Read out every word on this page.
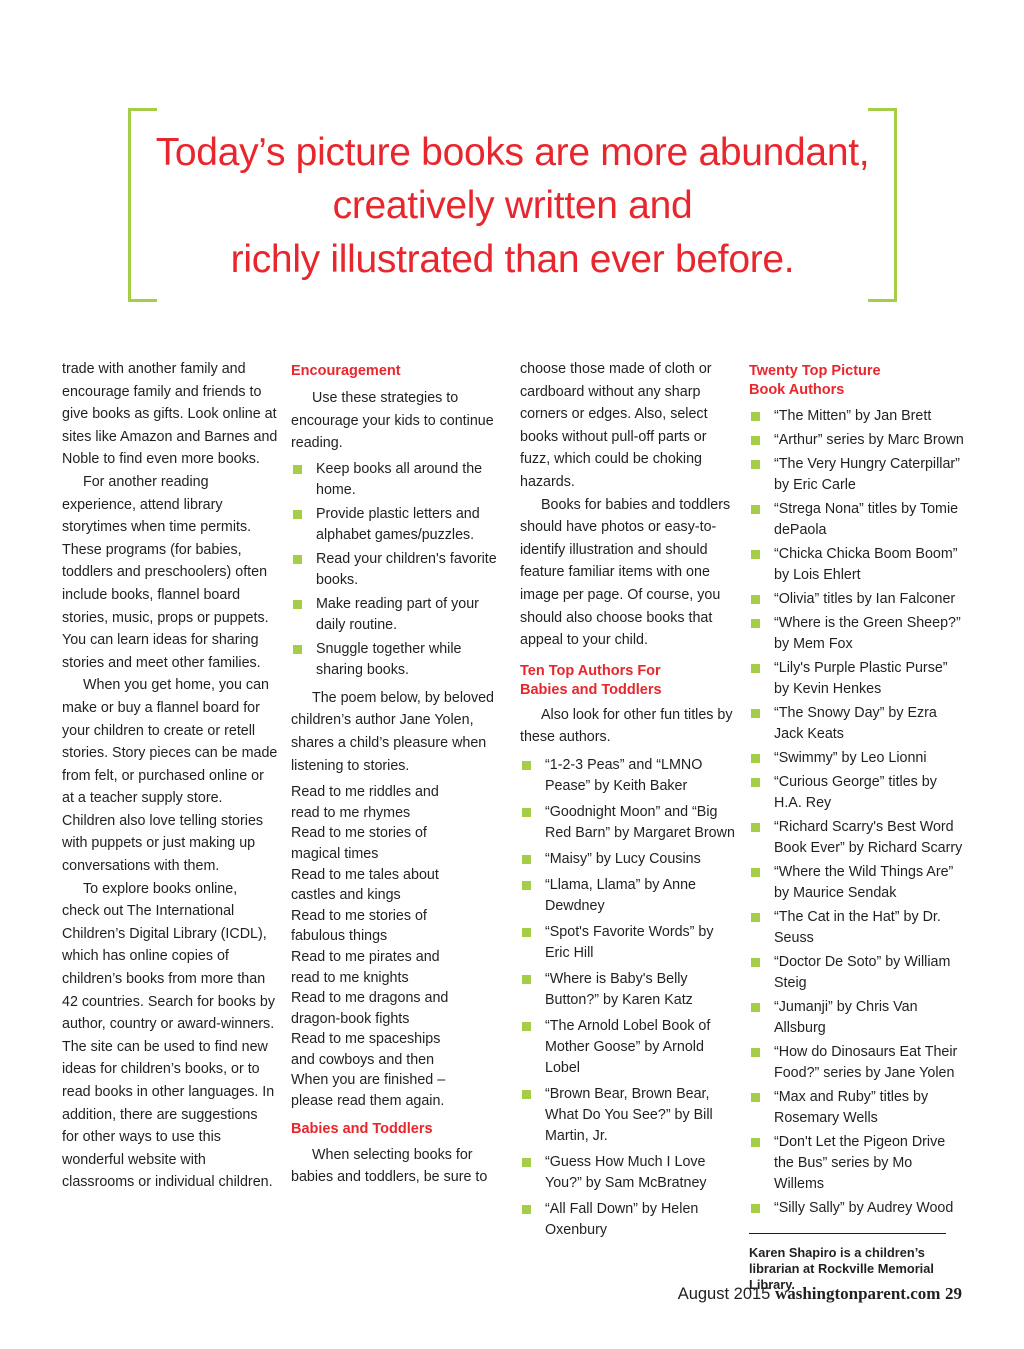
Today’s picture books are more abundant,
creatively written and
richly illustrated than ever before.

trade with another family and encourage family and friends to give books as gifts. Look online at sites like Amazon and Barnes and Noble to find even more books.

For another reading experience, attend library storytimes when time permits. These programs (for babies, toddlers and preschoolers) often include books, flannel board stories, music, props or puppets. You can learn ideas for sharing stories and meet other families.

When you get home, you can make or buy a flannel board for your children to create or retell stories. Story pieces can be made from felt, or purchased online or at a teacher supply store. Children also love telling stories with puppets or just making up conversations with them.

To explore books online, check out The International Children’s Digital Library (ICDL), which has online copies of children’s books from more than 42 countries. Search for books by author, country or award-winners. The site can be used to find new ideas for children’s books, or to read books in other languages. In addition, there are suggestions for other ways to use this wonderful website with classrooms or individual children.

Encouragement

Use these strategies to encourage your kids to continue reading.

Keep books all around the home.
Provide plastic letters and alphabet games/puzzles.
Read your children's favorite books.
Make reading part of your daily routine.
Snuggle together while sharing books.

The poem below, by beloved children’s author Jane Yolen, shares a child’s pleasure when listening to stories.

Read to me riddles and
read to me rhymes

Read to me stories of
magical times

Read to me tales about
castles and kings

Read to me stories of
fabulous things

Read to me pirates and
read to me knights

Read to me dragons and
dragon-book fights

Read to me spaceships
and cowboys and then

When you are finished –
please read them again.

Babies and Toddlers

When selecting books for babies and toddlers, be sure to

choose those made of cloth or cardboard without any sharp corners or edges. Also, select books without pull-off parts or fuzz, which could be choking hazards.

Books for babies and toddlers should have photos or easy-to-identify illustration and should feature familiar items with one image per page. Of course, you should also choose books that appeal to your child.

Ten Top Authors For
Babies and Toddlers

Also look for other fun titles by these authors.

“1-2-3 Peas” and “LMNO Pease” by Keith Baker
“Goodnight Moon” and “Big Red Barn” by Margaret Brown
“Maisy” by Lucy Cousins
“Llama, Llama” by Anne Dewdney
“Spot's Favorite Words” by Eric Hill
“Where is Baby's Belly Button?” by Karen Katz
“The Arnold Lobel Book of Mother Goose” by Arnold Lobel
“Brown Bear, Brown Bear, What Do You See?” by Bill Martin, Jr.
“Guess How Much I Love You?” by Sam McBratney
“All Fall Down” by Helen Oxenbury

Twenty Top Picture
Book Authors

“The Mitten” by Jan Brett
“Arthur” series by Marc Brown
“The Very Hungry Caterpillar” by Eric Carle
“Strega Nona” titles by Tomie dePaola
“Chicka Chicka Boom Boom” by Lois Ehlert
“Olivia” titles by Ian Falconer
“Where is the Green Sheep?” by Mem Fox
“Lily's Purple Plastic Purse” by Kevin Henkes
“The Snowy Day” by Ezra Jack Keats
“Swimmy” by Leo Lionni
“Curious George” titles by H.A. Rey
“Richard Scarry's Best Word Book Ever” by Richard Scarry
“Where the Wild Things Are” by Maurice Sendak
“The Cat in the Hat” by Dr. Seuss
“Doctor De Soto” by William Steig
“Jumanji” by Chris Van Allsburg
“How do Dinosaurs Eat Their Food?” series by Jane Yolen
“Max and Ruby” titles by Rosemary Wells
“Don't Let the Pigeon Drive the Bus” series by Mo Willems
“Silly Sally” by Audrey Wood

Karen Shapiro is a children’s librarian at Rockville Memorial Library.

August 2015 washingtonparent.com 29
